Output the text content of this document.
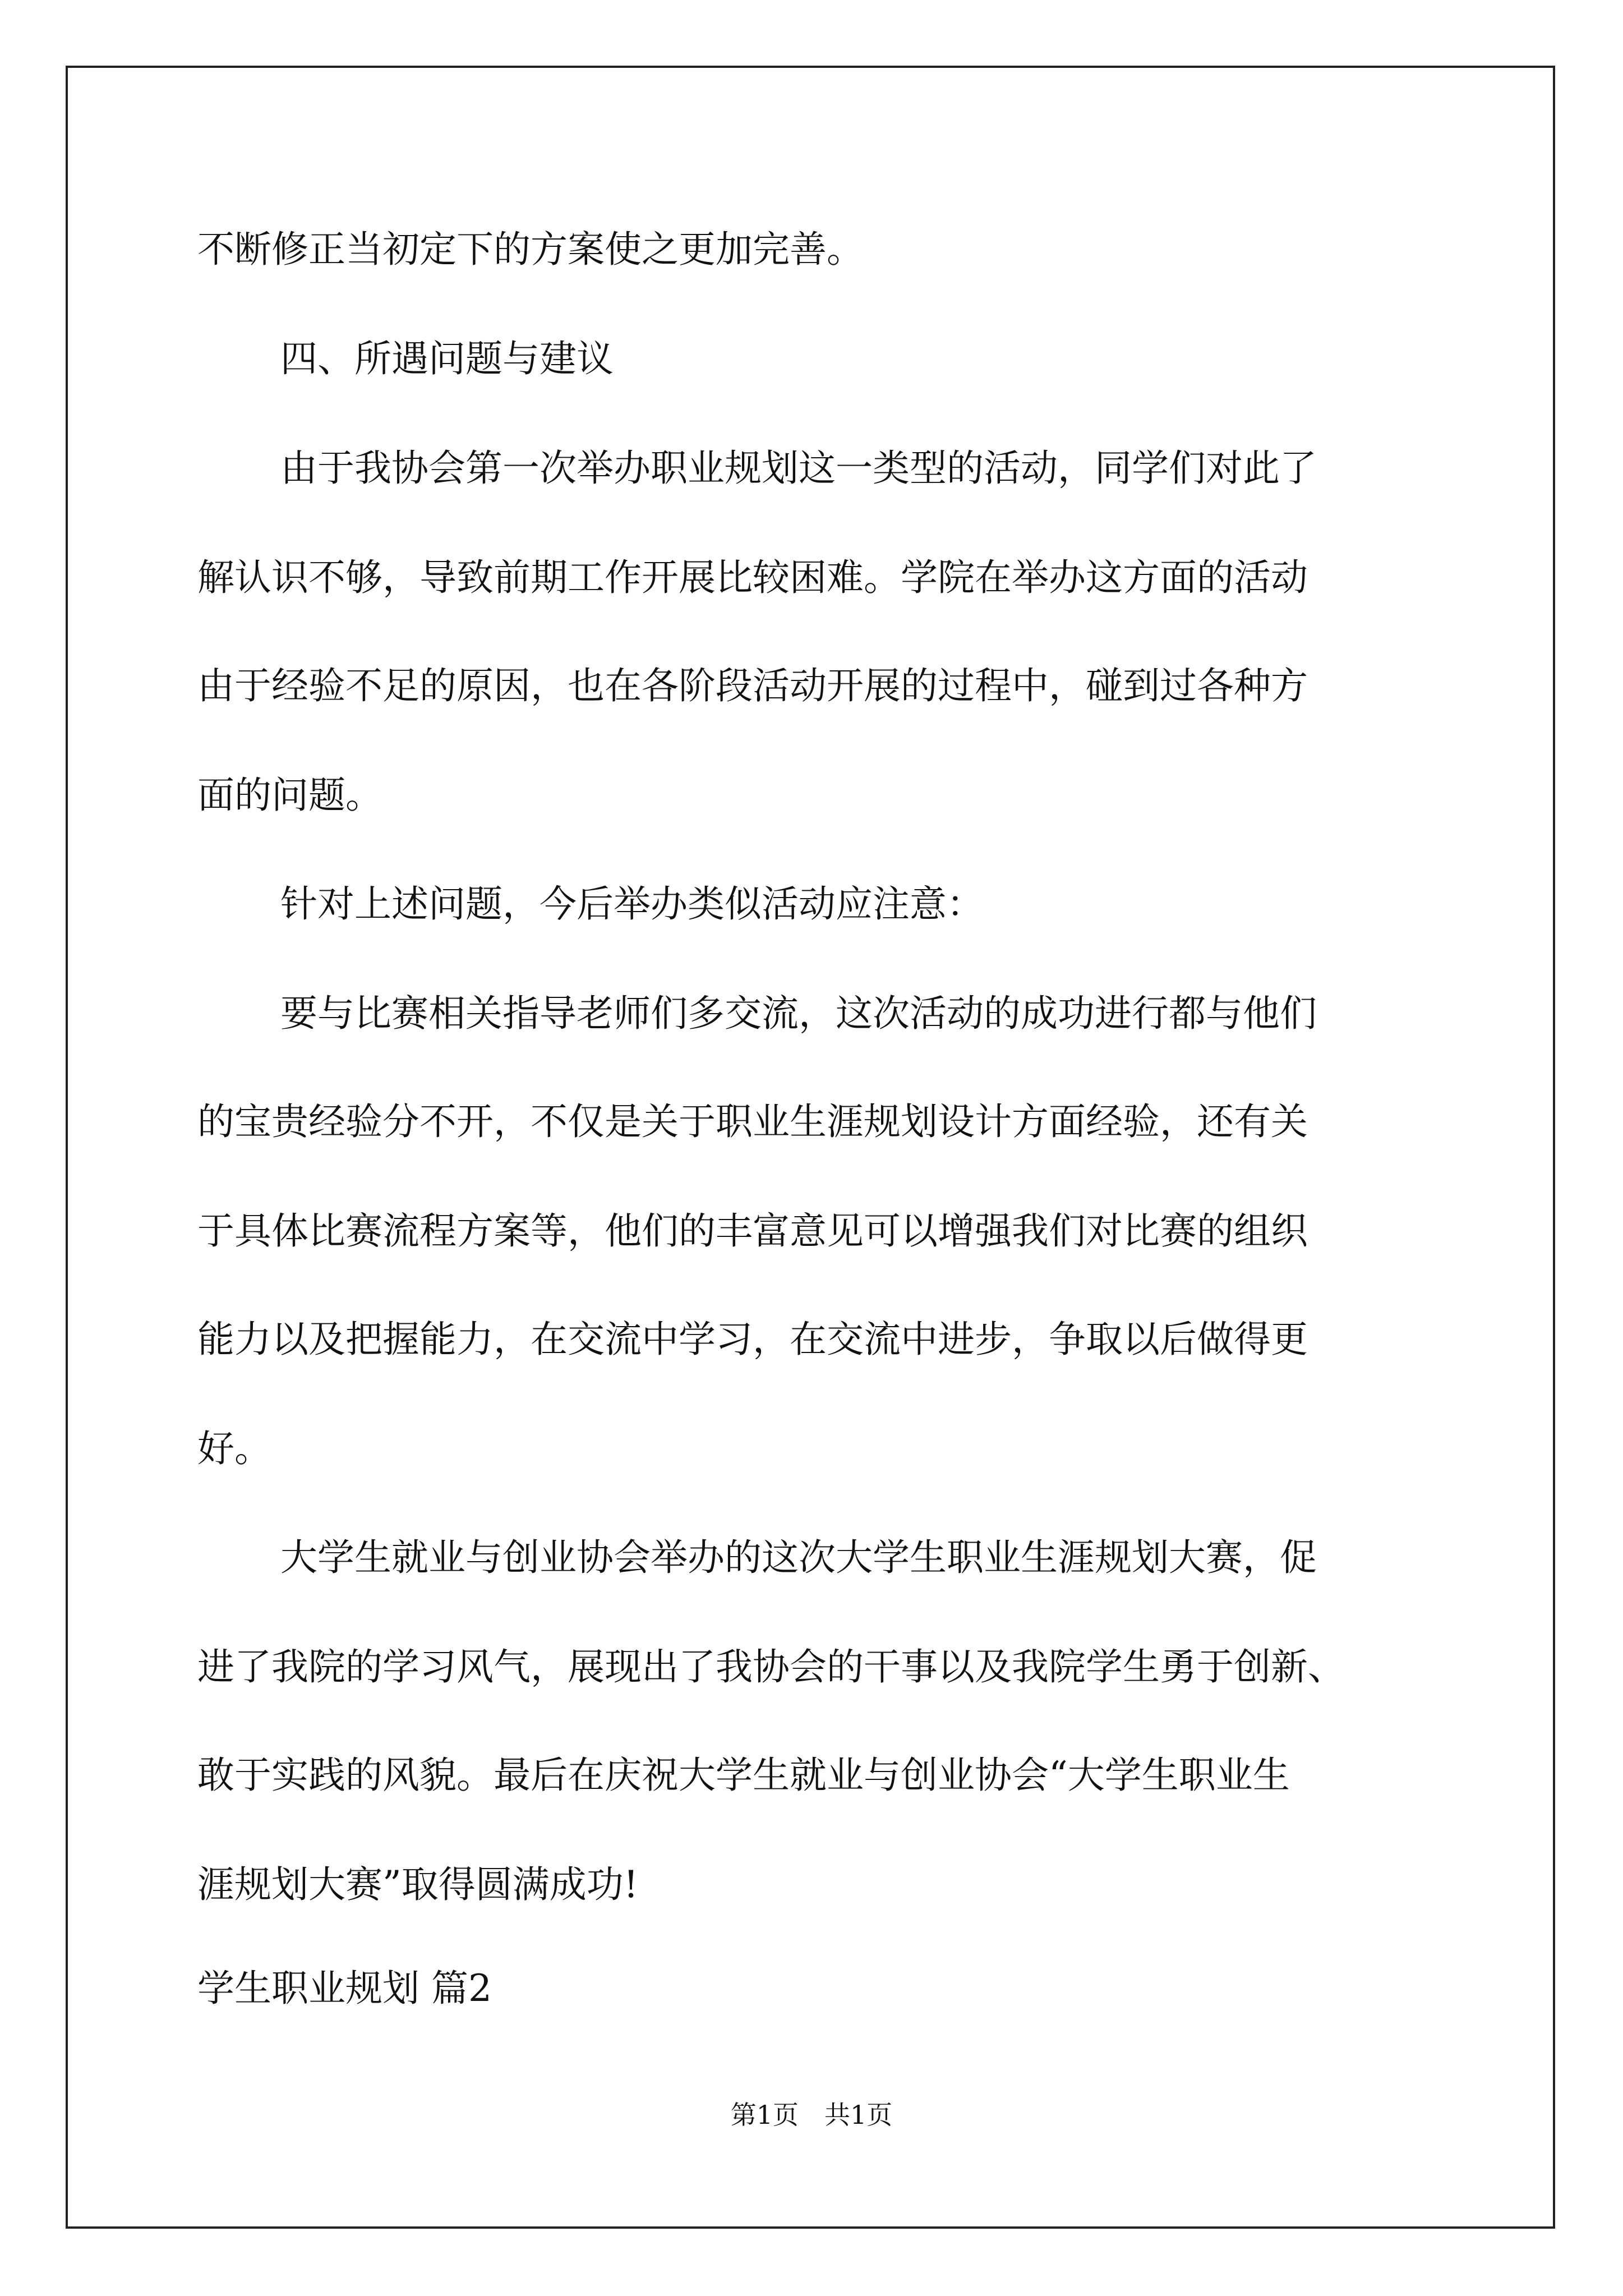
不断修正当初定下的方案使之更加完善。
四、所遇问题与建议
由于我协会第一次举办职业规划这一类型的活动，同学们对此了
解认识不够，导致前期工作开展比较困难。学院在举办这方面的活动
由于经验不足的原因，也在各阶段活动开展的过程中，碰到过各种方
面的问题。
针对上述问题，今后举办类似活动应注意：
要与比赛相关指导老师们多交流，这次活动的成功进行都与他们
的宝贵经验分不开，不仅是关于职业生涯规划设计方面经验，还有关
于具体比赛流程方案等，他们的丰富意见可以增强我们对比赛的组织
能力以及把握能力，在交流中学习，在交流中进步，争取以后做得更
好。
大学生就业与创业协会举办的这次大学生职业生涯规划大赛，促
进了我院的学习风气，展现出了我协会的干事以及我院学生勇于创新、
敢于实践的风貌。最后在庆祝大学生就业与创业协会“大学生职业生
涯规划大赛”取得圆满成功!
学生职业规划 篇2
第1页　共1页
